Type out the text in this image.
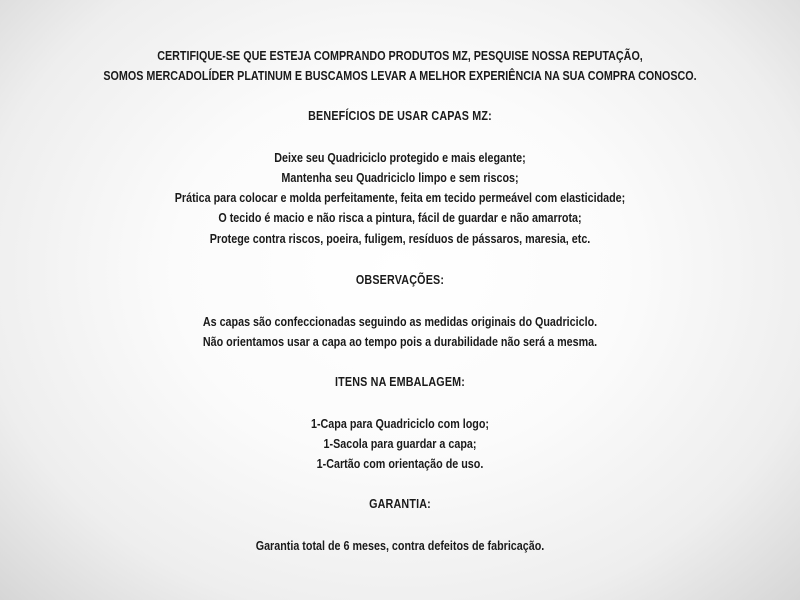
CERTIFIQUE-SE QUE ESTEJA COMPRANDO PRODUTOS MZ, PESQUISE NOSSA REPUTAÇÃO,
SOMOS MERCADOLÍDER PLATINUM E BUSCAMOS LEVAR A MELHOR EXPERIÊNCIA NA SUA COMPRA CONOSCO.
BENEFÍCIOS DE USAR CAPAS MZ:
Deixe seu Quadriciclo protegido e mais elegante;
Mantenha seu Quadriciclo limpo e sem riscos;
Prática para colocar e molda perfeitamente, feita em tecido permeável com elasticidade;
O tecido é macio e não risca a pintura, fácil de guardar e não amarrota;
Protege contra riscos, poeira, fuligem, resíduos de pássaros, maresia, etc.
OBSERVAÇÕES:
As capas são confeccionadas seguindo as medidas originais do Quadriciclo.
Não orientamos usar a capa ao tempo pois a durabilidade não será a mesma.
ITENS NA EMBALAGEM:
1-Capa para Quadriciclo com logo;
1-Sacola para guardar a capa;
1-Cartão com orientação de uso.
GARANTIA:
Garantia total de 6 meses, contra defeitos de fabricação.
